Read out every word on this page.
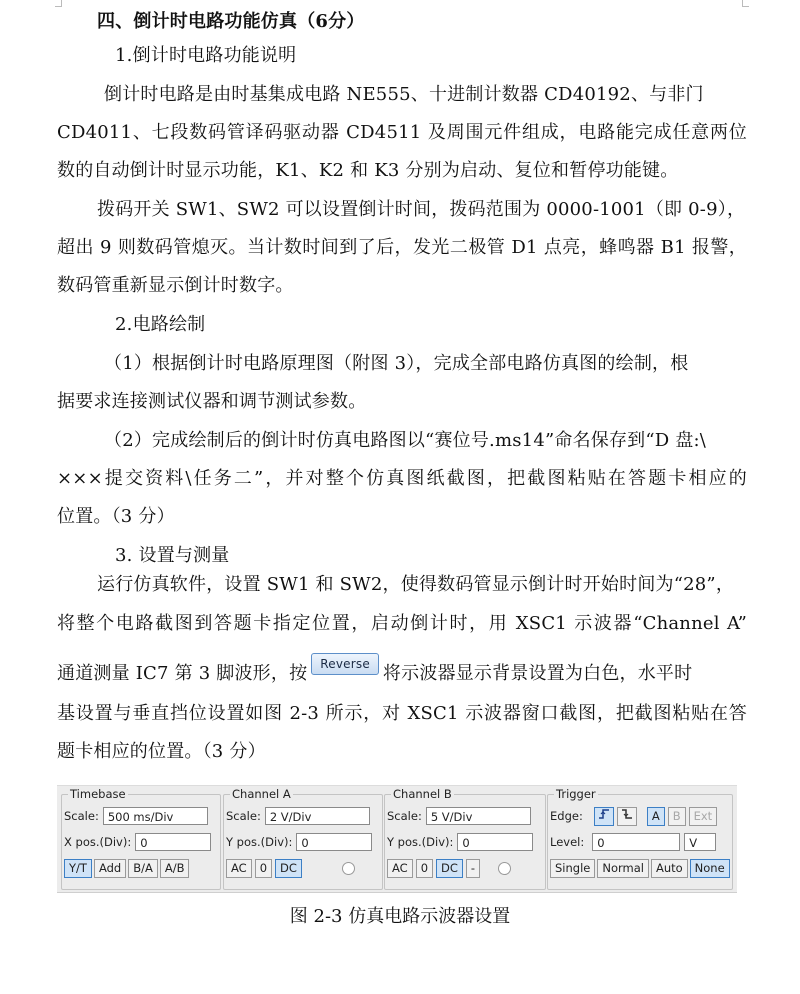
四、倒计时电路功能仿真（6分）
1.倒计时电路功能说明
倒计时电路是由时基集成电路 NE555、十进制计数器 CD40192、与非门
CD4011、七段数码管译码驱动器 CD4511 及周围元件组成，电路能完成任意两位
数的自动倒计时显示功能，K1、K2 和 K3 分别为启动、复位和暂停功能键。
拨码开关 SW1、SW2 可以设置倒计时间，拨码范围为 0000-1001（即 0-9），
超出 9 则数码管熄灭。当计数时间到了后，发光二极管 D1 点亮，蜂鸣器 B1 报警，
数码管重新显示倒计时数字。
2.电路绘制
（1）根据倒计时电路原理图（附图 3），完成全部电路仿真图的绘制，根
据要求连接测试仪器和调节测试参数。
（2）完成绘制后的倒计时仿真电路图以“赛位号.ms14”命名保存到“D 盘:\
×××提交资料\任务二”，并对整个仿真图纸截图，把截图粘贴在答题卡相应的
位置。（3 分）
3. 设置与测量
运行仿真软件，设置 SW1 和 SW2，使得数码管显示倒计时开始时间为“28”，
将整个电路截图到答题卡指定位置，启动倒计时，用 XSC1 示波器“Channel A”
通道测量 IC7 第 3 脚波形，按 Reverse 将示波器显示背景设置为白色，水平时
基设置与垂直挡位设置如图 2-3 所示，对 XSC1 示波器窗口截图，把截图粘贴在答
题卡相应的位置。（3 分）
Timebase
Scale: 500 ms/Div
X pos.(Div): 0
Y/T	Add	B/A	A/B
Channel A
Scale: 2 V/Div
Y pos.(Div): 0
AC	0	DC
Channel B
Scale: 5 V/Div
Y pos.(Div): 0
AC	0	DC	-
Trigger
Edge:	A	B	Ext
Level:	0	V
Single	Normal	Auto	None
图 2-3 仿真电路示波器设置
